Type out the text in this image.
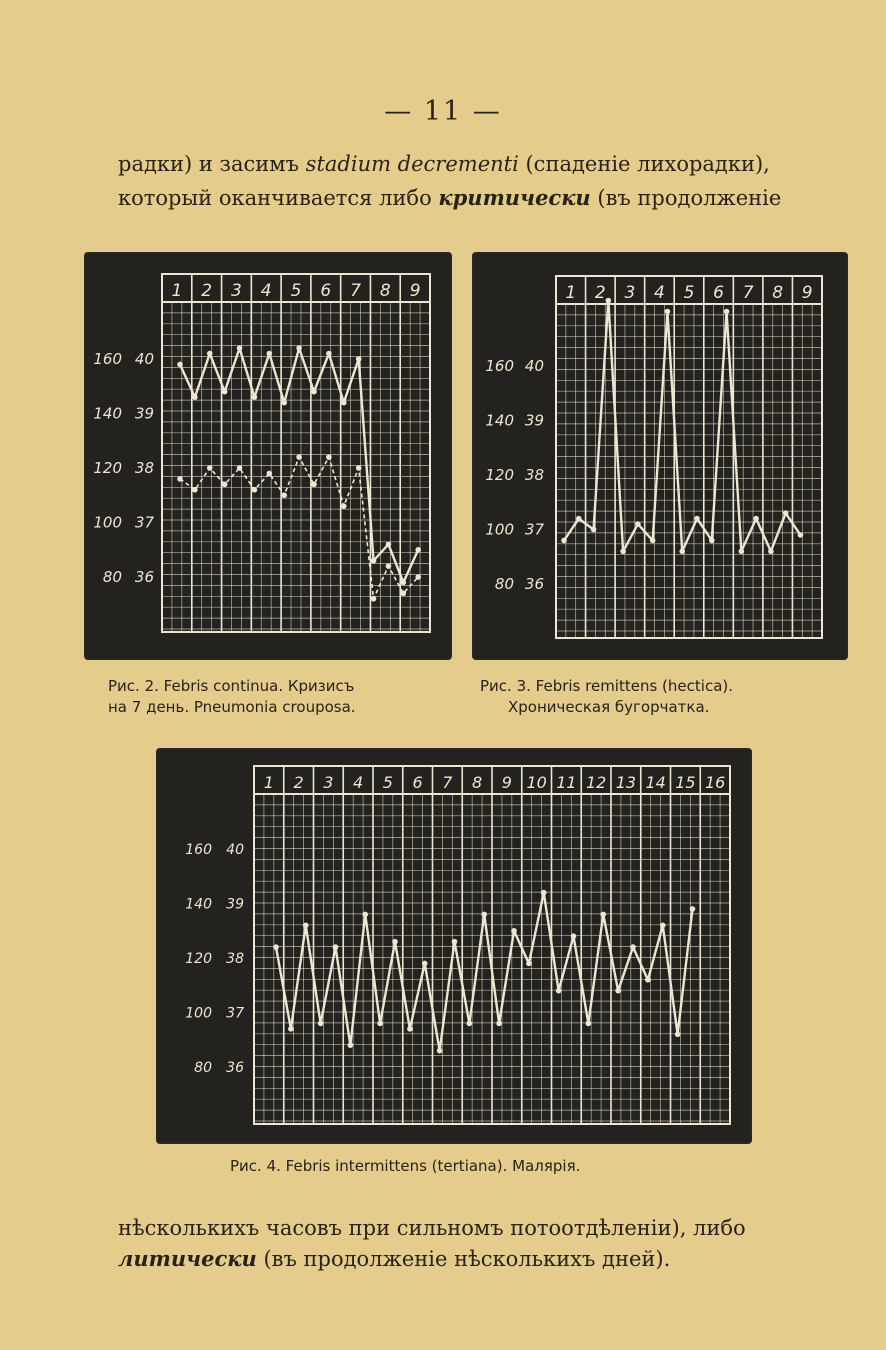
— 11 —
радки) и засимъ stadium decrementi (спаденіе лихорадки),
который оканчивается либо критически (въ продолженіе
1 2 3 4 5 6 7 8 9
160 40
140 39
120 38
100 37
80 36
1 2 3 4 5 6 7 8 9
160 40
140 39
120 38
100 37
80 36
Рис. 2. Febris continua. Кризисъ
на 7 день. Pneumonia crouposa.
Рис. 3. Febris remittens (hectica).
Хроническая бугорчатка.
1 2 3 4 5 6 7 8 9 10 11 12 13 14 15 16
160 40
140 39
120 38
100 37
80 36
Рис. 4. Febris intermittens (tertiana). Малярія.
нѣсколькихъ часовъ при сильномъ потоотдѣленіи), либо
литически (въ продолженіе нѣсколькихъ дней).
